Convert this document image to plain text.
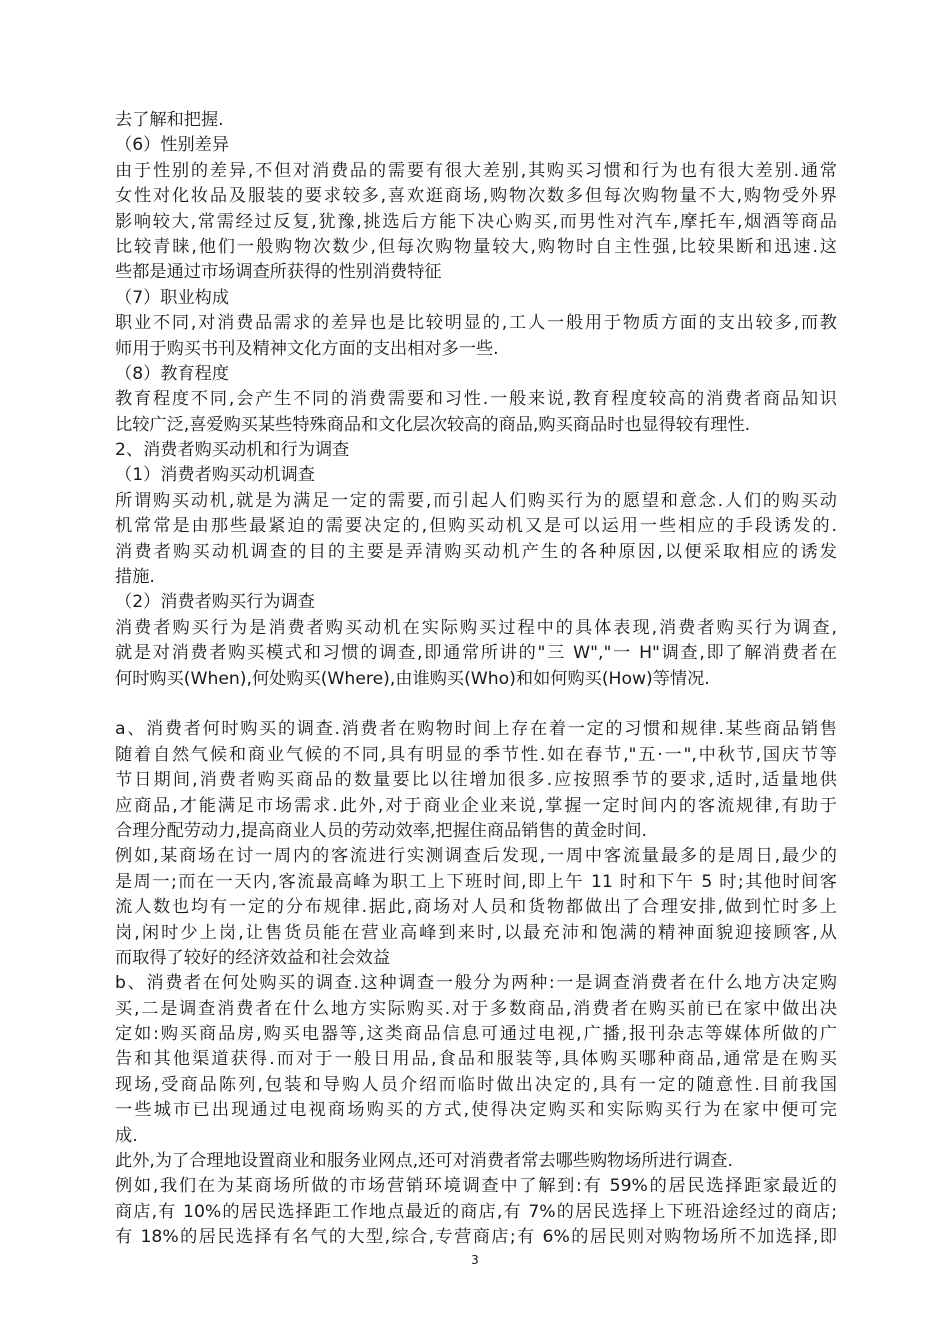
去了解和把握.
（6）性别差异
由于性别的差异,不但对消费品的需要有很大差别,其购买习惯和行为也有很大差别.通常
女性对化妆品及服装的要求较多,喜欢逛商场,购物次数多但每次购物量不大,购物受外界
影响较大,常需经过反复,犹豫,挑选后方能下决心购买,而男性对汽车,摩托车,烟酒等商品
比较青睐,他们一般购物次数少,但每次购物量较大,购物时自主性强,比较果断和迅速.这
些都是通过市场调查所获得的性别消费特征
（7）职业构成
职业不同,对消费品需求的差异也是比较明显的,工人一般用于物质方面的支出较多,而教
师用于购买书刊及精神文化方面的支出相对多一些.
（8）教育程度
教育程度不同,会产生不同的消费需要和习性.一般来说,教育程度较高的消费者商品知识
比较广泛,喜爱购买某些特殊商品和文化层次较高的商品,购买商品时也显得较有理性.
2、消费者购买动机和行为调查
（1）消费者购买动机调查
所谓购买动机,就是为满足一定的需要,而引起人们购买行为的愿望和意念.人们的购买动
机常常是由那些最紧迫的需要决定的,但购买动机又是可以运用一些相应的手段诱发的.
消费者购买动机调查的目的主要是弄清购买动机产生的各种原因,以便采取相应的诱发
措施.
（2）消费者购买行为调查
消费者购买行为是消费者购买动机在实际购买过程中的具体表现,消费者购买行为调查,
就是对消费者购买模式和习惯的调查,即通常所讲的"三 W","一 H"调查,即了解消费者在
何时购买(When),何处购买(Where),由谁购买(Who)和如何购买(How)等情况.
a、消费者何时购买的调查.消费者在购物时间上存在着一定的习惯和规律.某些商品销售
随着自然气候和商业气候的不同,具有明显的季节性.如在春节,"五·一",中秋节,国庆节等
节日期间,消费者购买商品的数量要比以往增加很多.应按照季节的要求,适时,适量地供
应商品,才能满足市场需求.此外,对于商业企业来说,掌握一定时间内的客流规律,有助于
合理分配劳动力,提高商业人员的劳动效率,把握住商品销售的黄金时间.
例如,某商场在讨一周内的客流进行实测调查后发现,一周中客流量最多的是周日,最少的
是周一;而在一天内,客流最高峰为职工上下班时间,即上午 11 时和下午 5 时;其他时间客
流人数也均有一定的分布规律.据此,商场对人员和货物都做出了合理安排,做到忙时多上
岗,闲时少上岗,让售货员能在营业高峰到来时,以最充沛和饱满的精神面貌迎接顾客,从
而取得了较好的经济效益和社会效益
b、消费者在何处购买的调查.这种调查一般分为两种:一是调查消费者在什么地方决定购
买,二是调查消费者在什么地方实际购买.对于多数商品,消费者在购买前已在家中做出决
定如:购买商品房,购买电器等,这类商品信息可通过电视,广播,报刊杂志等媒体所做的广
告和其他渠道获得.而对于一般日用品,食品和服装等,具体购买哪种商品,通常是在购买
现场,受商品陈列,包装和导购人员介绍而临时做出决定的,具有一定的随意性.目前我国
一些城市已出现通过电视商场购买的方式,使得决定购买和实际购买行为在家中便可完
成.
此外,为了合理地设置商业和服务业网点,还可对消费者常去哪些购物场所进行调查.
例如,我们在为某商场所做的市场营销环境调查中了解到:有 59%的居民选择距家最近的
商店,有 10%的居民选择距工作地点最近的商店,有 7%的居民选择上下班沿途经过的商店;
有 18%的居民选择有名气的大型,综合,专营商店;有 6%的居民则对购物场所不加选择,即
3
